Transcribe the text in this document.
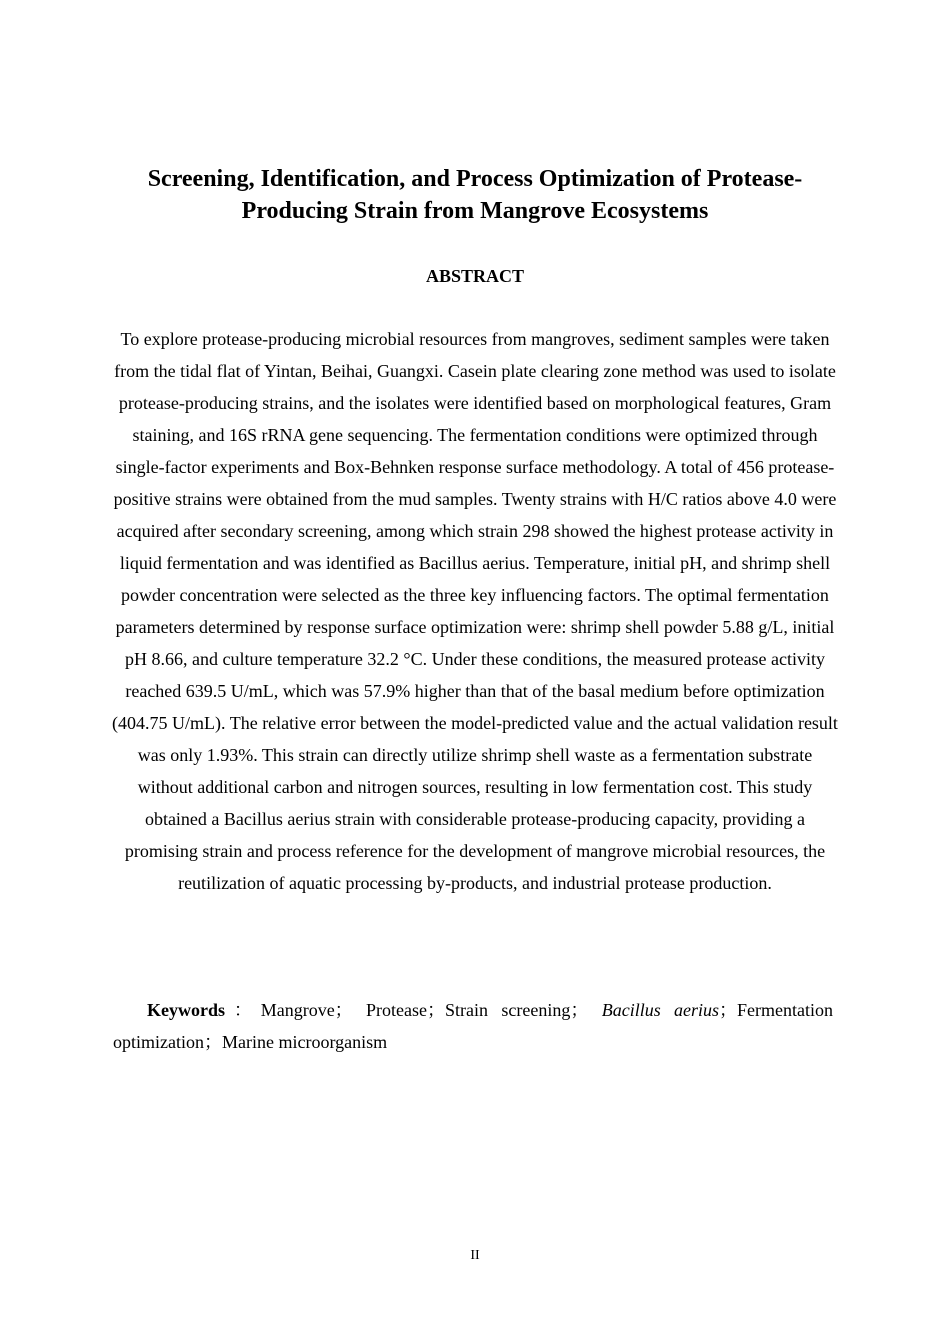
Screening, Identification, and Process Optimization of Protease-Producing Strain from Mangrove Ecosystems
ABSTRACT

To explore protease-producing microbial resources from mangroves, sediment samples were taken from the tidal flat of Yintan, Beihai, Guangxi. Casein plate clearing zone method was used to isolate protease-producing strains, and the isolates were identified based on morphological features, Gram staining, and 16S rRNA gene sequencing. The fermentation conditions were optimized through single-factor experiments and Box-Behnken response surface methodology. A total of 456 protease-positive strains were obtained from the mud samples. Twenty strains with H/C ratios above 4.0 were acquired after secondary screening, among which strain 298 showed the highest protease activity in liquid fermentation and was identified as Bacillus aerius. Temperature, initial pH, and shrimp shell powder concentration were selected as the three key influencing factors. The optimal fermentation parameters determined by response surface optimization were: shrimp shell powder 5.88 g/L, initial pH 8.66, and culture temperature 32.2 °C. Under these conditions, the measured protease activity reached 639.5 U/mL, which was 57.9% higher than that of the basal medium before optimization (404.75 U/mL). The relative error between the model-predicted value and the actual validation result was only 1.93%. This strain can directly utilize shrimp shell waste as a fermentation substrate without additional carbon and nitrogen sources, resulting in low fermentation cost. This study obtained a Bacillus aerius strain with considerable protease-producing capacity, providing a promising strain and process reference for the development of mangrove microbial resources, the reutilization of aquatic processing by-products, and industrial protease production.

Keywords：Mangrove； Protease；Strain screening； Bacillus aerius；Fermentation optimization；Marine microorganism

II
